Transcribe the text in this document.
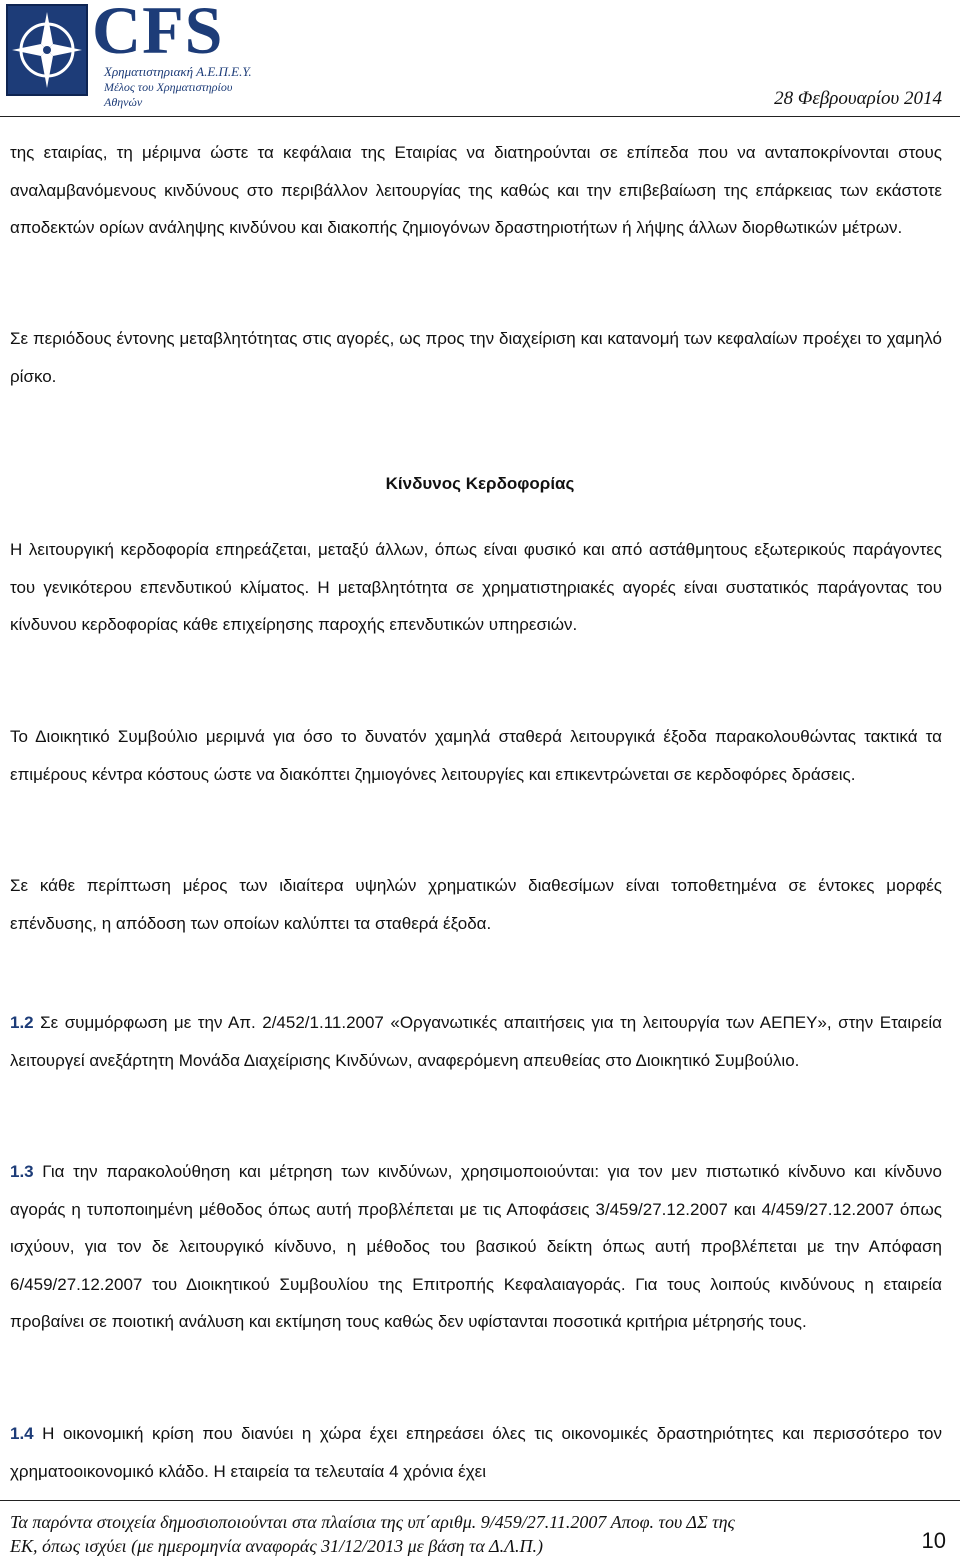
CFS
Χρηματιστηριακή Α.Ε.Π.Ε.Υ.
Μέλος του Χρηματιστηρίου Αθηνών	28 Φεβρουαρίου 2014

της εταιρίας, τη μέριμνα ώστε τα κεφάλαια της Εταιρίας να διατηρούνται σε επίπεδα που να ανταποκρίνονται στους αναλαμβανόμενους κινδύνους στο περιβάλλον λειτουργίας της καθώς και την επιβεβαίωση της επάρκειας των εκάστοτε αποδεκτών ορίων ανάληψης κινδύνου και διακοπής ζημιογόνων δραστηριοτήτων ή λήψης άλλων διορθωτικών μέτρων.

Σε περιόδους έντονης μεταβλητότητας στις αγορές, ως προς την διαχείριση και κατανομή των κεφαλαίων προέχει το χαμηλό ρίσκο.

Κίνδυνος Κερδοφορίας

Η λειτουργική κερδοφορία επηρεάζεται, μεταξύ άλλων, όπως είναι φυσικό και από αστάθμητους εξωτερικούς παράγοντες του γενικότερου επενδυτικού κλίματος. Η μεταβλητότητα σε χρηματιστηριακές αγορές είναι συστατικός παράγοντας του κίνδυνου κερδοφορίας κάθε επιχείρησης παροχής επενδυτικών υπηρεσιών.

Το Διοικητικό Συμβούλιο μεριμνά για όσο το δυνατόν χαμηλά σταθερά λειτουργικά έξοδα παρακολουθώντας τακτικά τα επιμέρους κέντρα κόστους ώστε να διακόπτει ζημιογόνες λειτουργίες και επικεντρώνεται σε κερδοφόρες δράσεις.

Σε κάθε περίπτωση μέρος των ιδιαίτερα υψηλών χρηματικών διαθεσίμων είναι τοποθετημένα σε έντοκες μορφές επένδυσης, η απόδοση των οποίων καλύπτει τα σταθερά έξοδα.

1.2 Σε συμμόρφωση με την Απ. 2/452/1.11.2007 «Οργανωτικές απαιτήσεις για τη λειτουργία των ΑΕΠΕΥ», στην Εταιρεία λειτουργεί ανεξάρτητη Μονάδα Διαχείρισης Κινδύνων, αναφερόμενη απευθείας στο Διοικητικό Συμβούλιο.

1.3 Για την παρακολούθηση και μέτρηση των κινδύνων, χρησιμοποιούνται: για τον μεν πιστωτικό κίνδυνο και κίνδυνο αγοράς η τυποποιημένη μέθοδος όπως αυτή προβλέπεται με τις Αποφάσεις 3/459/27.12.2007 και 4/459/27.12.2007 όπως ισχύουν, για τον δε λειτουργικό κίνδυνο, η μέθοδος του βασικού δείκτη όπως αυτή προβλέπεται με την Απόφαση 6/459/27.12.2007 του Διοικητικού Συμβουλίου της Επιτροπής Κεφαλαιαγοράς. Για τους λοιπούς κινδύνους η εταιρεία προβαίνει σε ποιοτική ανάλυση και εκτίμηση τους καθώς δεν υφίστανται ποσοτικά κριτήρια μέτρησής τους.

1.4 Η οικονομική κρίση που διανύει η χώρα έχει επηρεάσει όλες τις οικονομικές δραστηριότητες και περισσότερο τον χρηματοοικονομικό κλάδο. Η εταιρεία τα τελευταία 4 χρόνια έχει

Τα παρόντα στοιχεία δημοσιοποιούνται στα πλαίσια της υπ΄αριθμ. 9/459/27.11.2007 Αποφ. του ΔΣ της
ΕΚ, όπως ισχύει (με ημερομηνία αναφοράς 31/12/2013 με βάση τα Δ.Λ.Π.)	10
